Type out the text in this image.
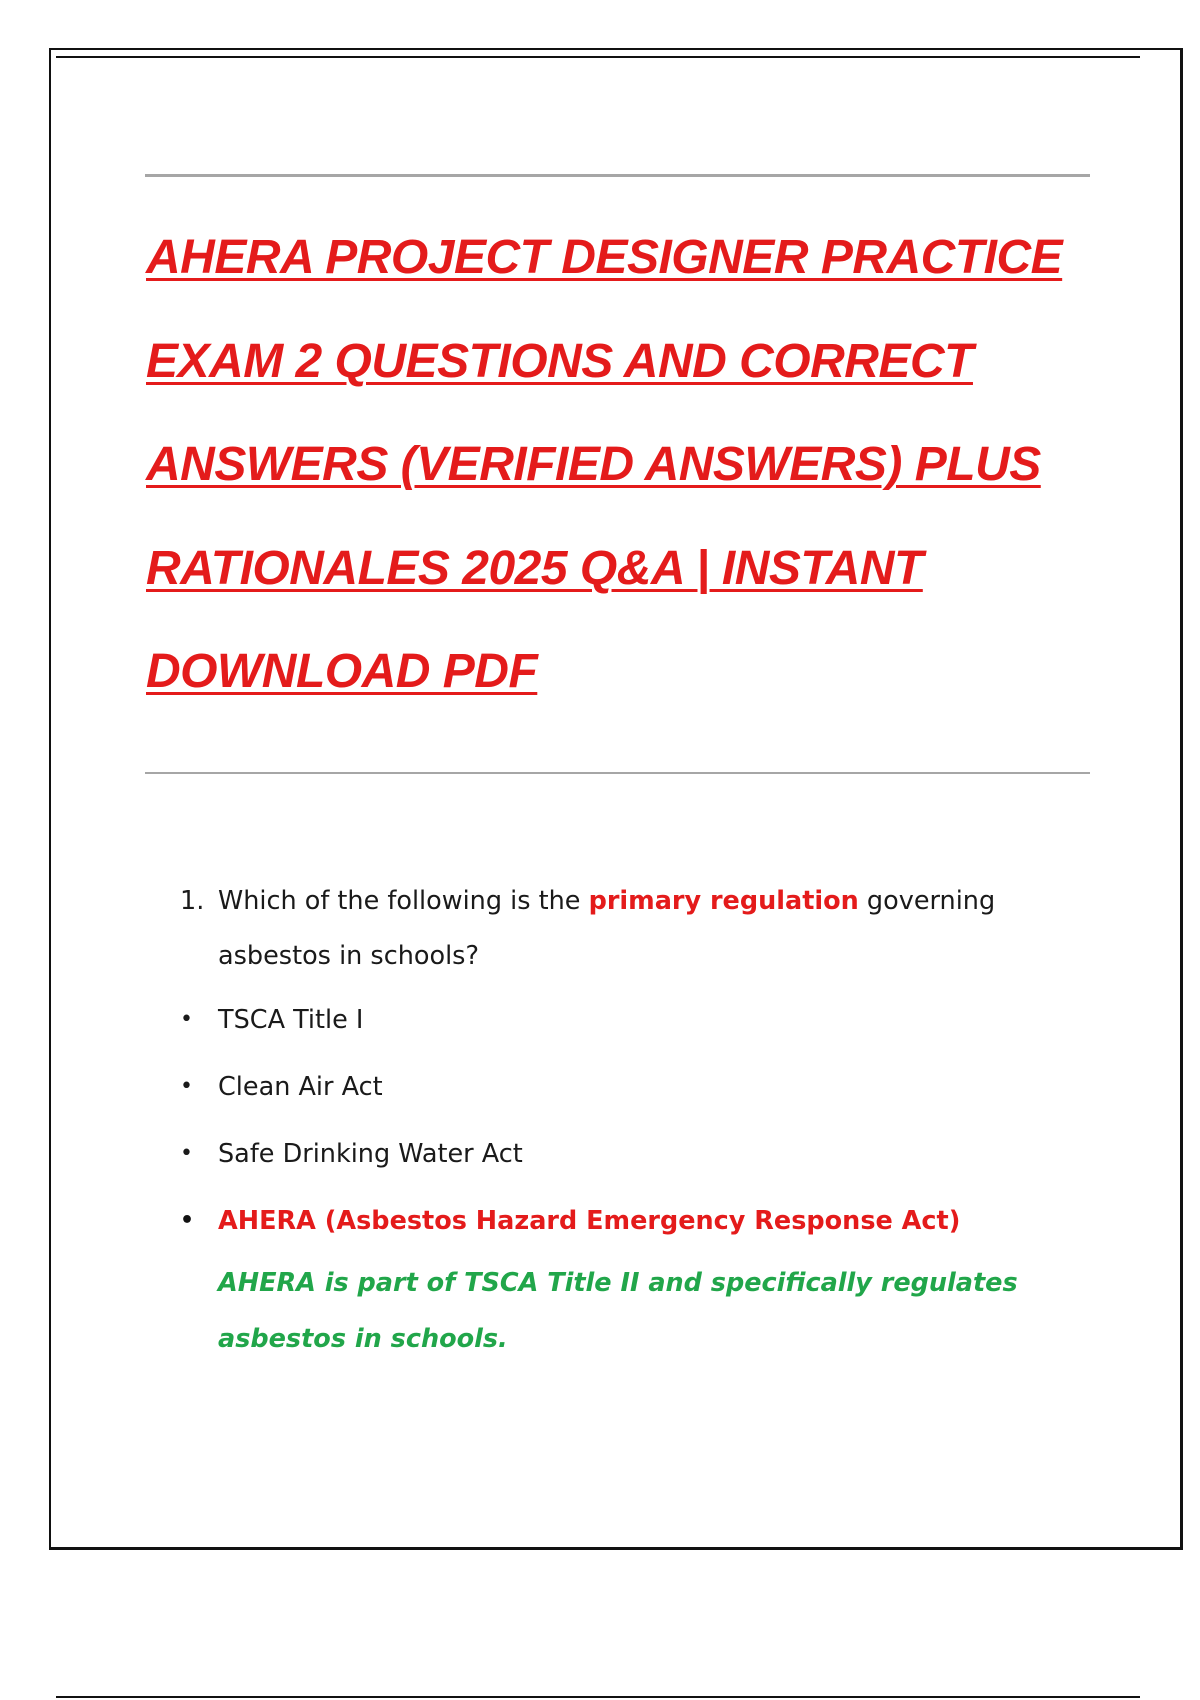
AHERA PROJECT DESIGNER PRACTICE EXAM 2 QUESTIONS AND CORRECT ANSWERS (VERIFIED ANSWERS) PLUS RATIONALES 2025 Q&A | INSTANT DOWNLOAD PDF

1. Which of the following is the primary regulation governing asbestos in schools?

• TSCA Title I
• Clean Air Act
• Safe Drinking Water Act
• AHERA (Asbestos Hazard Emergency Response Act)
AHERA is part of TSCA Title II and specifically regulates asbestos in schools.
